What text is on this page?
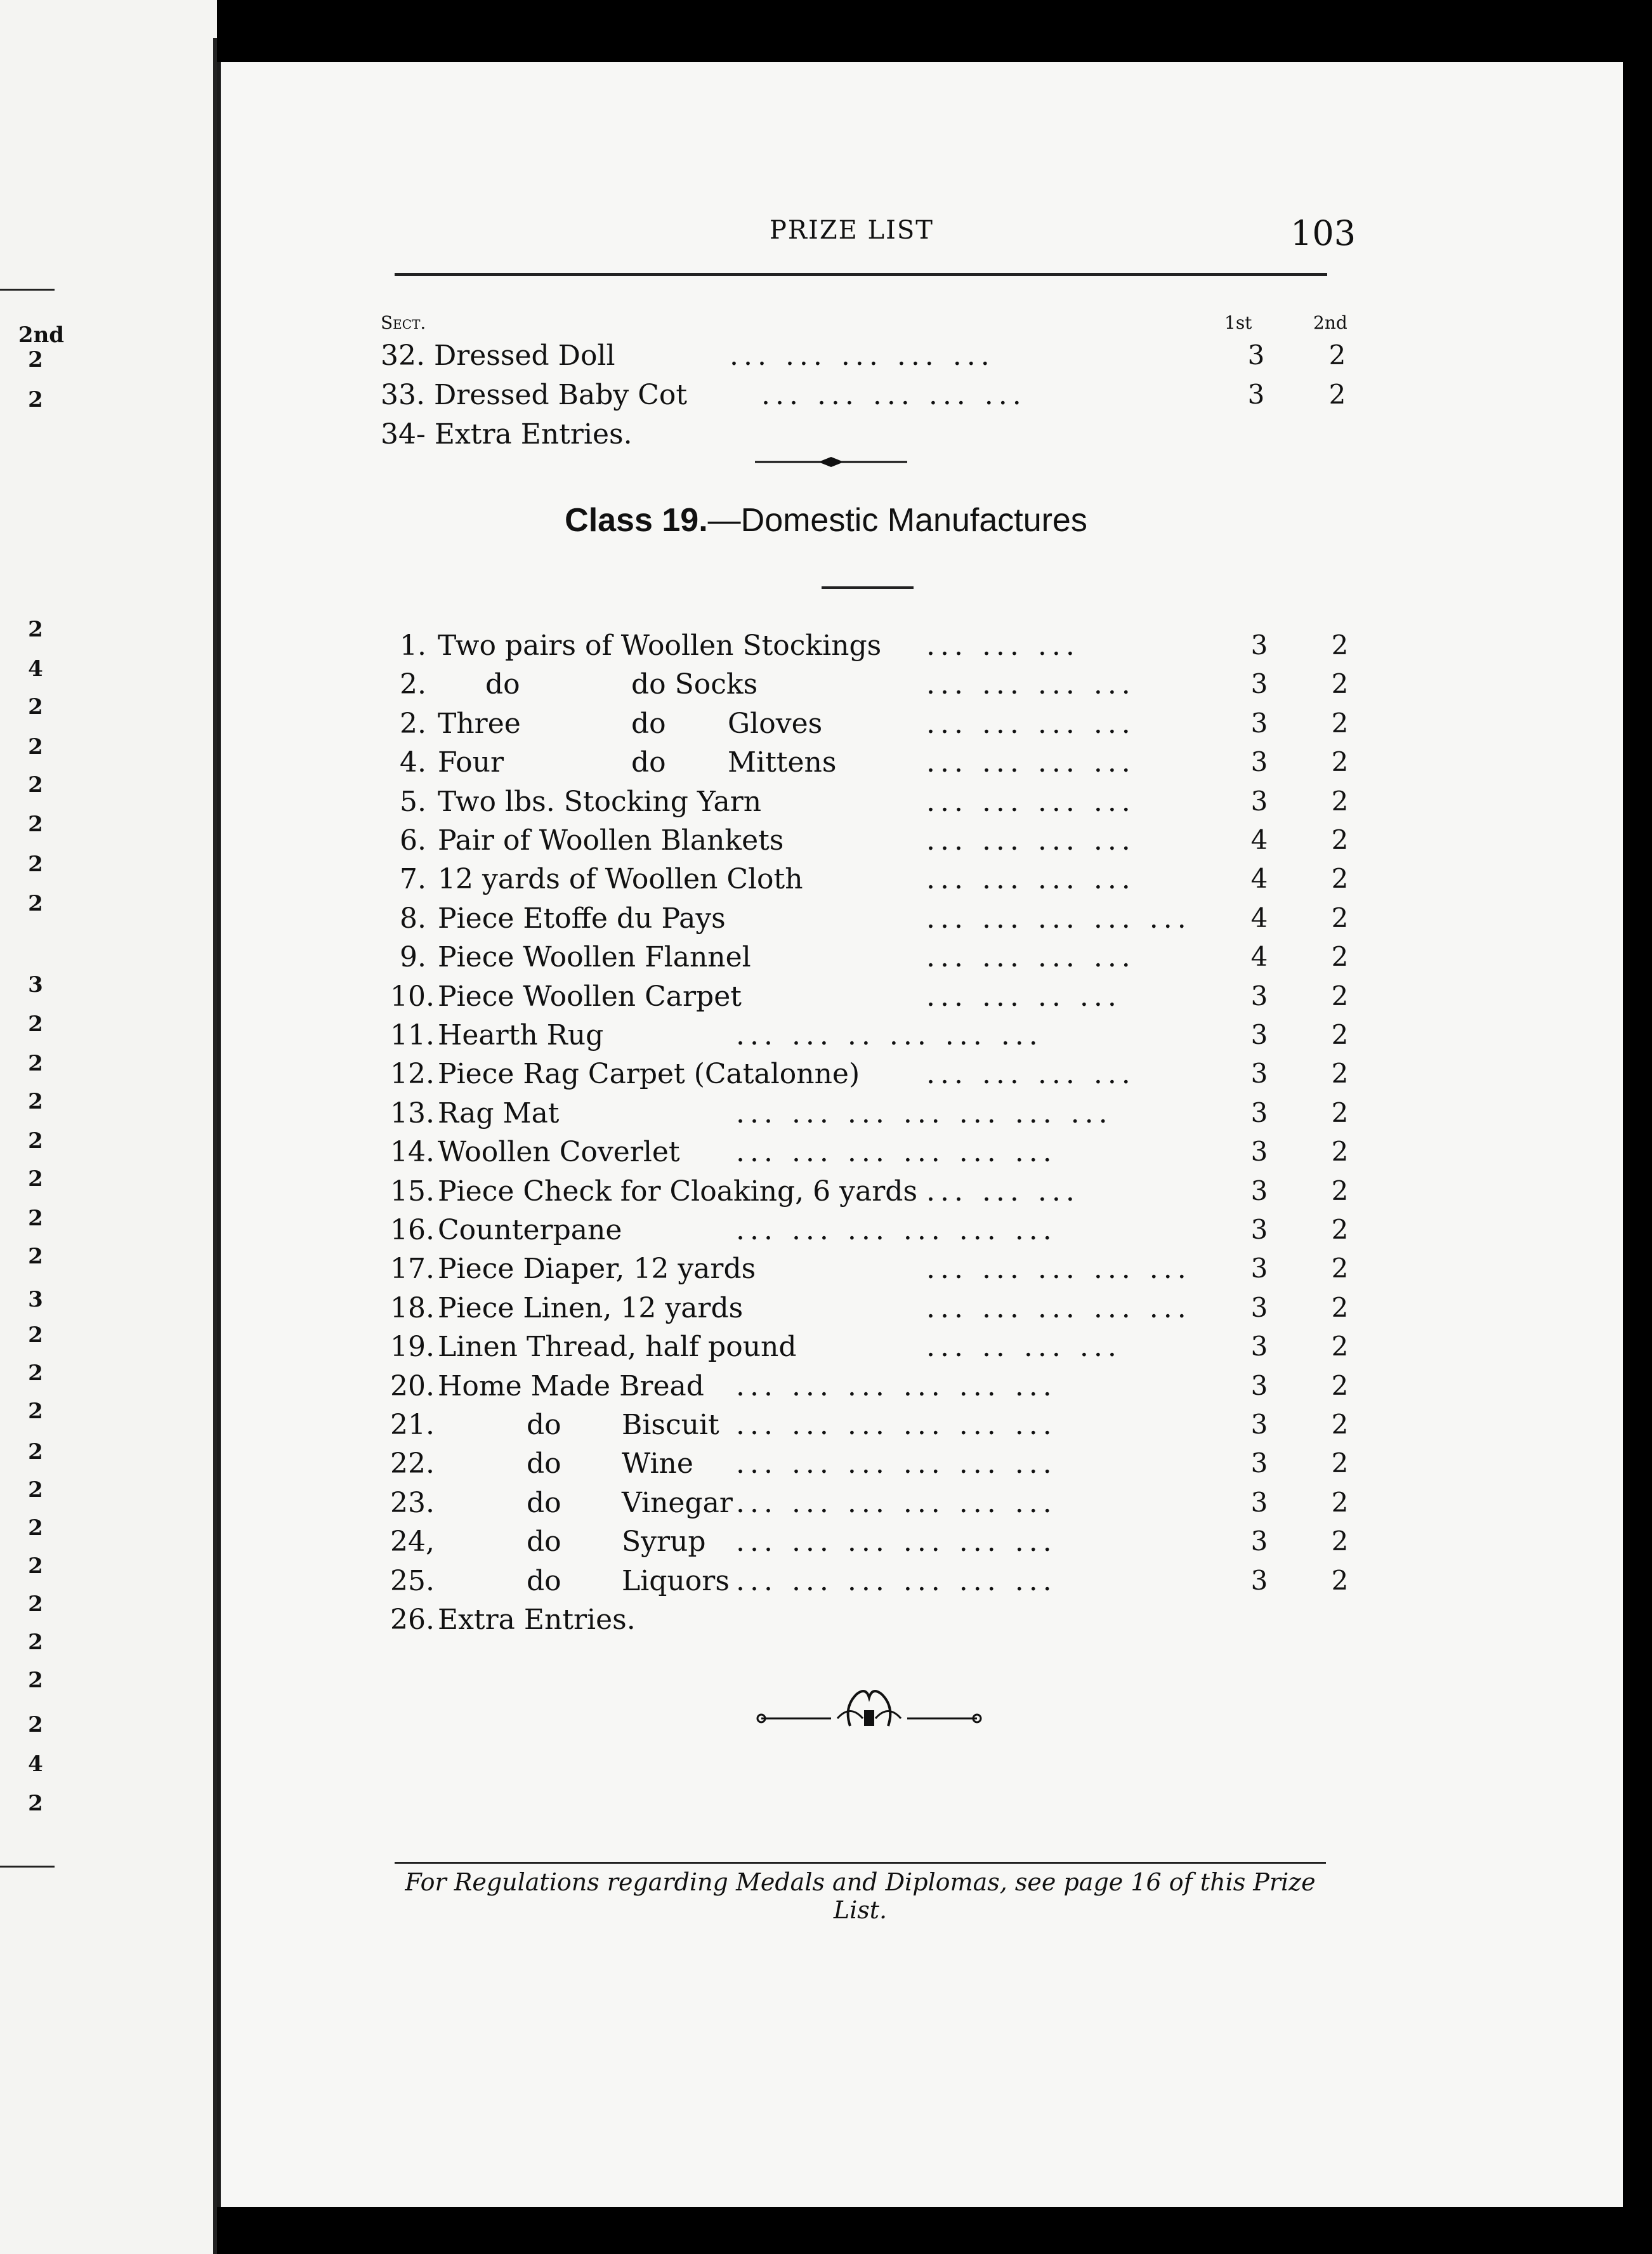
2nd
2
2
2
4
2
2
2
2
2
2
3
2
2
2
2
2
2
2
3
2
2
2
2
2
2
2
2
2
2
2
4
2
PRIZE LIST	103
Sect.	1st	2nd
32. Dressed Doll	... ... ... ... ...	3 2
33. Dressed Baby Cot	... ... ... ... ...	3 2
34- Extra Entries.
Class 19.—Domestic Manufactures
1. Two pairs of Woollen Stockings ... ... ...	3 2
2. do	do Socks	... ... ... ...	3 2
2. Three	do Gloves	... ... ... ...	3 2
4. Four	do Mittens	... ... ... ...	3 2
5. Two lbs. Stocking Yarn	... ... ... ...	3 2
6. Pair of Woollen Blankets	... ... ... ...	4 2
7. 12 yards of Woollen Cloth	... ... ... ...	4 2
8. Piece Etoffe du Pays	... ... ... ... ... 4 2
9. Piece Woollen Flannel	... ... ... ...	4 2
10. Piece Woollen Carpet	... ... .. ...	3 2
11. Hearth Rug	... ... .. ... ... ...	3 2
12. Piece Rag Carpet (Catalonne) ... ... ... ...	3 2
13. Rag Mat	... ... ... ... ... ... ...	3 2
14. Woollen Coverlet ... ... ... ... ... ...	3 2
15. Piece Check for Cloaking, 6 yards ... ... ...	3 2
16. Counterpane	... ... ... ... ... ...	3 2
17. Piece Diaper, 12 yards	... ... ... ... ... 3 2
18. Piece Linen, 12 yards	... ... ... ... ... 3 2
19. Linen Thread, half pound	... .. ... ...	3 2
20. Home Made Bread ... ... ... ... ... ...	3 2
21.	do Biscuit ... ... ... ... ... ...	3 2
22.	do Wine ... ... ... ... ... ...	3 2
23.	do Vinegar ... ... ... ... ... ...	3 2
24,	do Syrup ... ... ... ... ... ...	3 2
25.	do Liquors ... ... ... ... ... ...	3 2
26. Extra Entries.
For Regulations regarding Medals and Diplomas, see page 16 of this Prize List.
